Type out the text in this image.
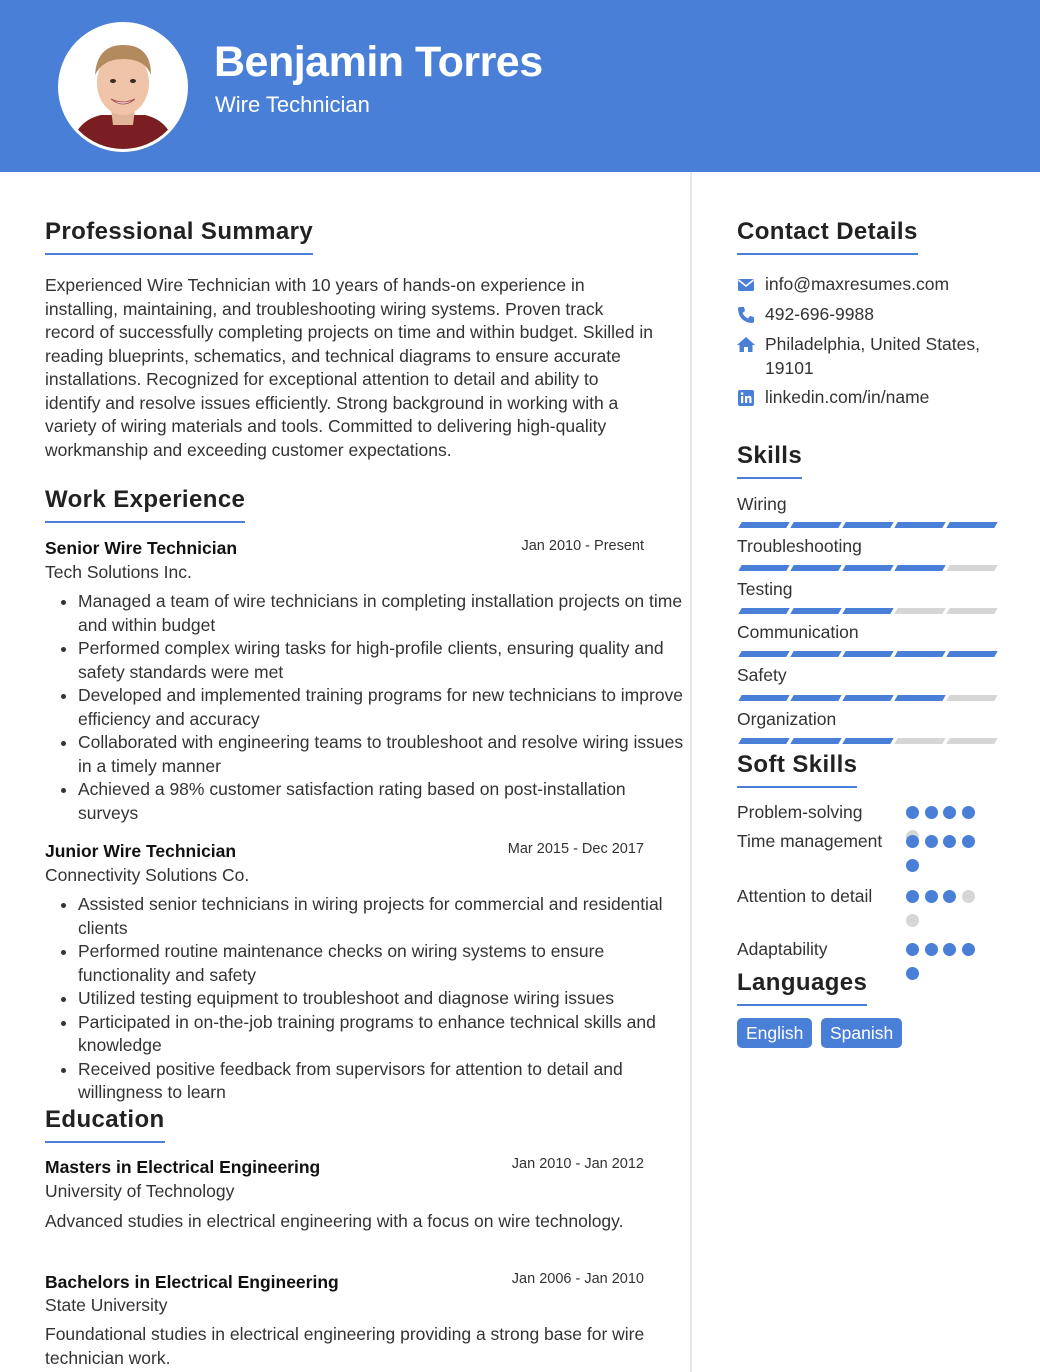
Benjamin Torres
Wire Technician
Professional Summary
Experienced Wire Technician with 10 years of hands-on experience in installing, maintaining, and troubleshooting wiring systems. Proven track record of successfully completing projects on time and within budget. Skilled in reading blueprints, schematics, and technical diagrams to ensure accurate installations. Recognized for exceptional attention to detail and ability to identify and resolve issues efficiently. Strong background in working with a variety of wiring materials and tools. Committed to delivering high-quality workmanship and exceeding customer expectations.
Work Experience
Senior Wire Technician	Jan 2010 - Present
Tech Solutions Inc.
• Managed a team of wire technicians in completing installation projects on time and within budget
• Performed complex wiring tasks for high-profile clients, ensuring quality and safety standards were met
• Developed and implemented training programs for new technicians to improve efficiency and accuracy
• Collaborated with engineering teams to troubleshoot and resolve wiring issues in a timely manner
• Achieved a 98% customer satisfaction rating based on post-installation surveys
Junior Wire Technician	Mar 2015 - Dec 2017
Connectivity Solutions Co.
• Assisted senior technicians in wiring projects for commercial and residential clients
• Performed routine maintenance checks on wiring systems to ensure functionality and safety
• Utilized testing equipment to troubleshoot and diagnose wiring issues
• Participated in on-the-job training programs to enhance technical skills and knowledge
• Received positive feedback from supervisors for attention to detail and willingness to learn
Education
Masters in Electrical Engineering	Jan 2010 - Jan 2012
University of Technology
Advanced studies in electrical engineering with a focus on wire technology.
Bachelors in Electrical Engineering	Jan 2006 - Jan 2010
State University
Foundational studies in electrical engineering providing a strong base for wire technician work.
Contact Details
info@maxresumes.com
492-696-9988
Philadelphia, United States, 19101
linkedin.com/in/name
Skills
Wiring
Troubleshooting
Testing
Communication
Safety
Organization
Soft Skills
Problem-solving
Time management
Attention to detail
Adaptability
Languages
English	Spanish
